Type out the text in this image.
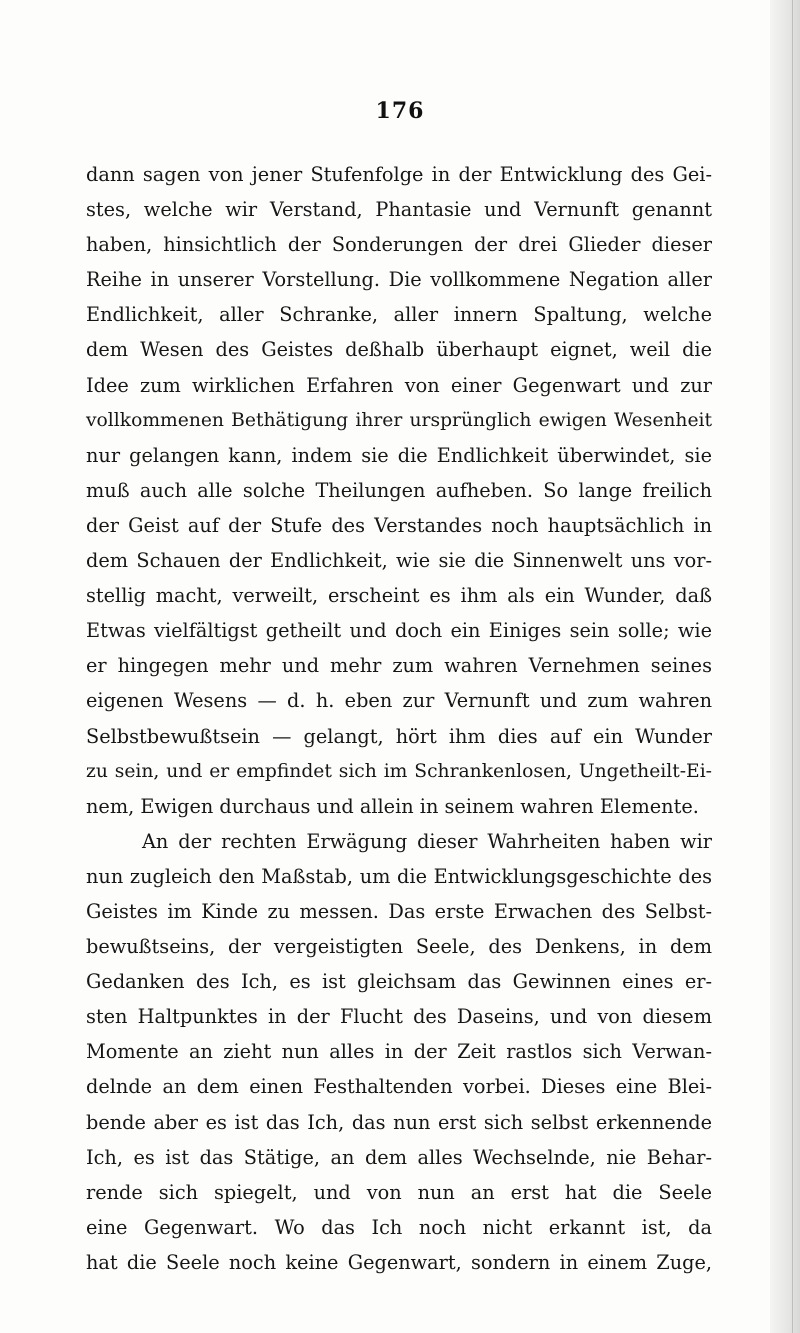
176
dann sagen von jener Stufenfolge in der Entwicklung des Gei-
stes, welche wir Verstand, Phantasie und Vernunft genannt
haben, hinsichtlich der Sonderungen der drei Glieder dieser
Reihe in unserer Vorstellung. Die vollkommene Negation aller
Endlichkeit, aller Schranke, aller innern Spaltung, welche
dem Wesen des Geistes deßhalb überhaupt eignet, weil die
Idee zum wirklichen Erfahren von einer Gegenwart und zur
vollkommenen Bethätigung ihrer ursprünglich ewigen Wesenheit
nur gelangen kann, indem sie die Endlichkeit überwindet, sie
muß auch alle solche Theilungen aufheben. So lange freilich
der Geist auf der Stufe des Verstandes noch hauptsächlich in
dem Schauen der Endlichkeit, wie sie die Sinnenwelt uns vor-
stellig macht, verweilt, erscheint es ihm als ein Wunder, daß
Etwas vielfältigst getheilt und doch ein Einiges sein solle; wie
er hingegen mehr und mehr zum wahren Vernehmen seines
eigenen Wesens — d. h. eben zur Vernunft und zum wahren
Selbstbewußtsein — gelangt, hört ihm dies auf ein Wunder
zu sein, und er empfindet sich im Schrankenlosen, Ungetheilt-Ei-
nem, Ewigen durchaus und allein in seinem wahren Elemente.
An der rechten Erwägung dieser Wahrheiten haben wir
nun zugleich den Maßstab, um die Entwicklungsgeschichte des
Geistes im Kinde zu messen. Das erste Erwachen des Selbst-
bewußtseins, der vergeistigten Seele, des Denkens, in dem
Gedanken des Ich, es ist gleichsam das Gewinnen eines er-
sten Haltpunktes in der Flucht des Daseins, und von diesem
Momente an zieht nun alles in der Zeit rastlos sich Verwan-
delnde an dem einen Festhaltenden vorbei. Dieses eine Blei-
bende aber es ist das Ich, das nun erst sich selbst erkennende
Ich, es ist das Stätige, an dem alles Wechselnde, nie Behar-
rende sich spiegelt, und von nun an erst hat die Seele
eine Gegenwart. Wo das Ich noch nicht erkannt ist, da
hat die Seele noch keine Gegenwart, sondern in einem Zuge,
